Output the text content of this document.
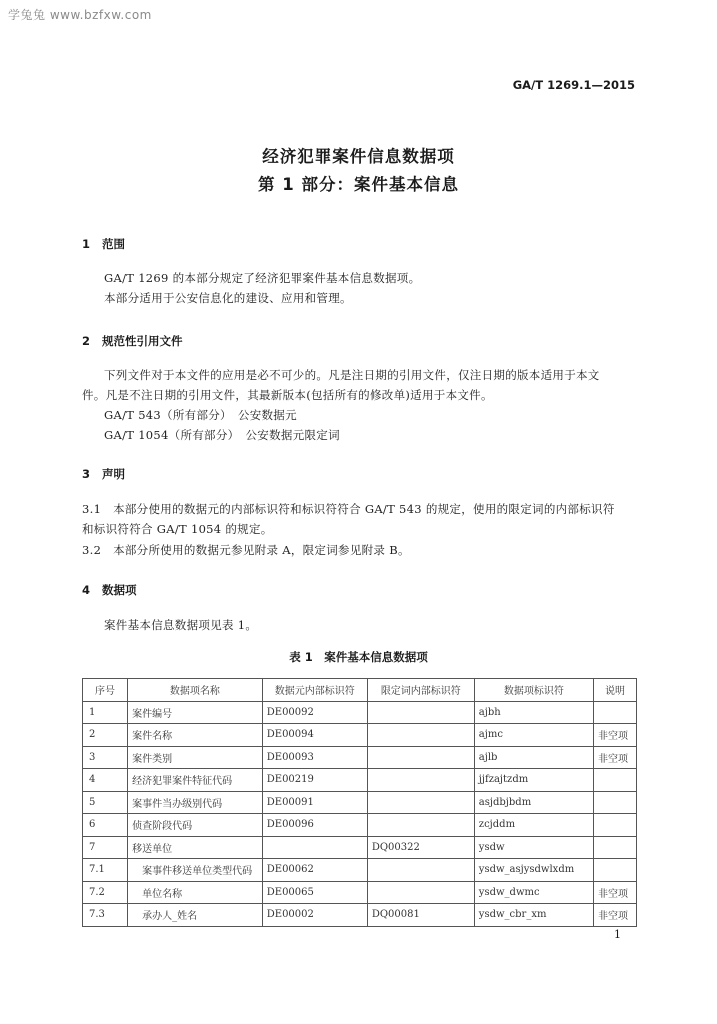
学兔兔 www.bzfxw.com
GA/T 1269.1—2015
经济犯罪案件信息数据项
第 1 部分：案件基本信息
1 范围
GA/T 1269 的本部分规定了经济犯罪案件基本信息数据项。
本部分适用于公安信息化的建设、应用和管理。
2 规范性引用文件
下列文件对于本文件的应用是必不可少的。凡是注日期的引用文件，仅注日期的版本适用于本文
件。凡是不注日期的引用文件，其最新版本(包括所有的修改单)适用于本文件。
GA/T 543（所有部分）　公安数据元
GA/T 1054（所有部分）　公安数据元限定词
3 声明
3.1 本部分使用的数据元的内部标识符和标识符符合 GA/T 543 的规定，使用的限定词的内部标识符
和标识符符合 GA/T 1054 的规定。
3.2 本部分所使用的数据元参见附录 A，限定词参见附录 B。
4 数据项
案件基本信息数据项见表 1。
表 1　案件基本信息数据项
序号	数据项名称	数据元内部标识符	限定词内部标识符	数据项标识符	说明
1	案件编号	DE00092		ajbh	
2	案件名称	DE00094		ajmc	非空项
3	案件类别	DE00093		ajlb	非空项
4	经济犯罪案件特征代码	DE00219		jjfzajtzdm	
5	案事件当办级别代码	DE00091		asjdbjbdm	
6	侦查阶段代码	DE00096		zcjddm	
7	移送单位		DQ00322	ysdw	
7.1	　案事件移送单位类型代码	DE00062		ysdw_asjysdwlxdm	
7.2	　单位名称	DE00065		ysdw_dwmc	非空项
7.3	　承办人_姓名	DE00002	DQ00081	ysdw_cbr_xm	非空项
1
